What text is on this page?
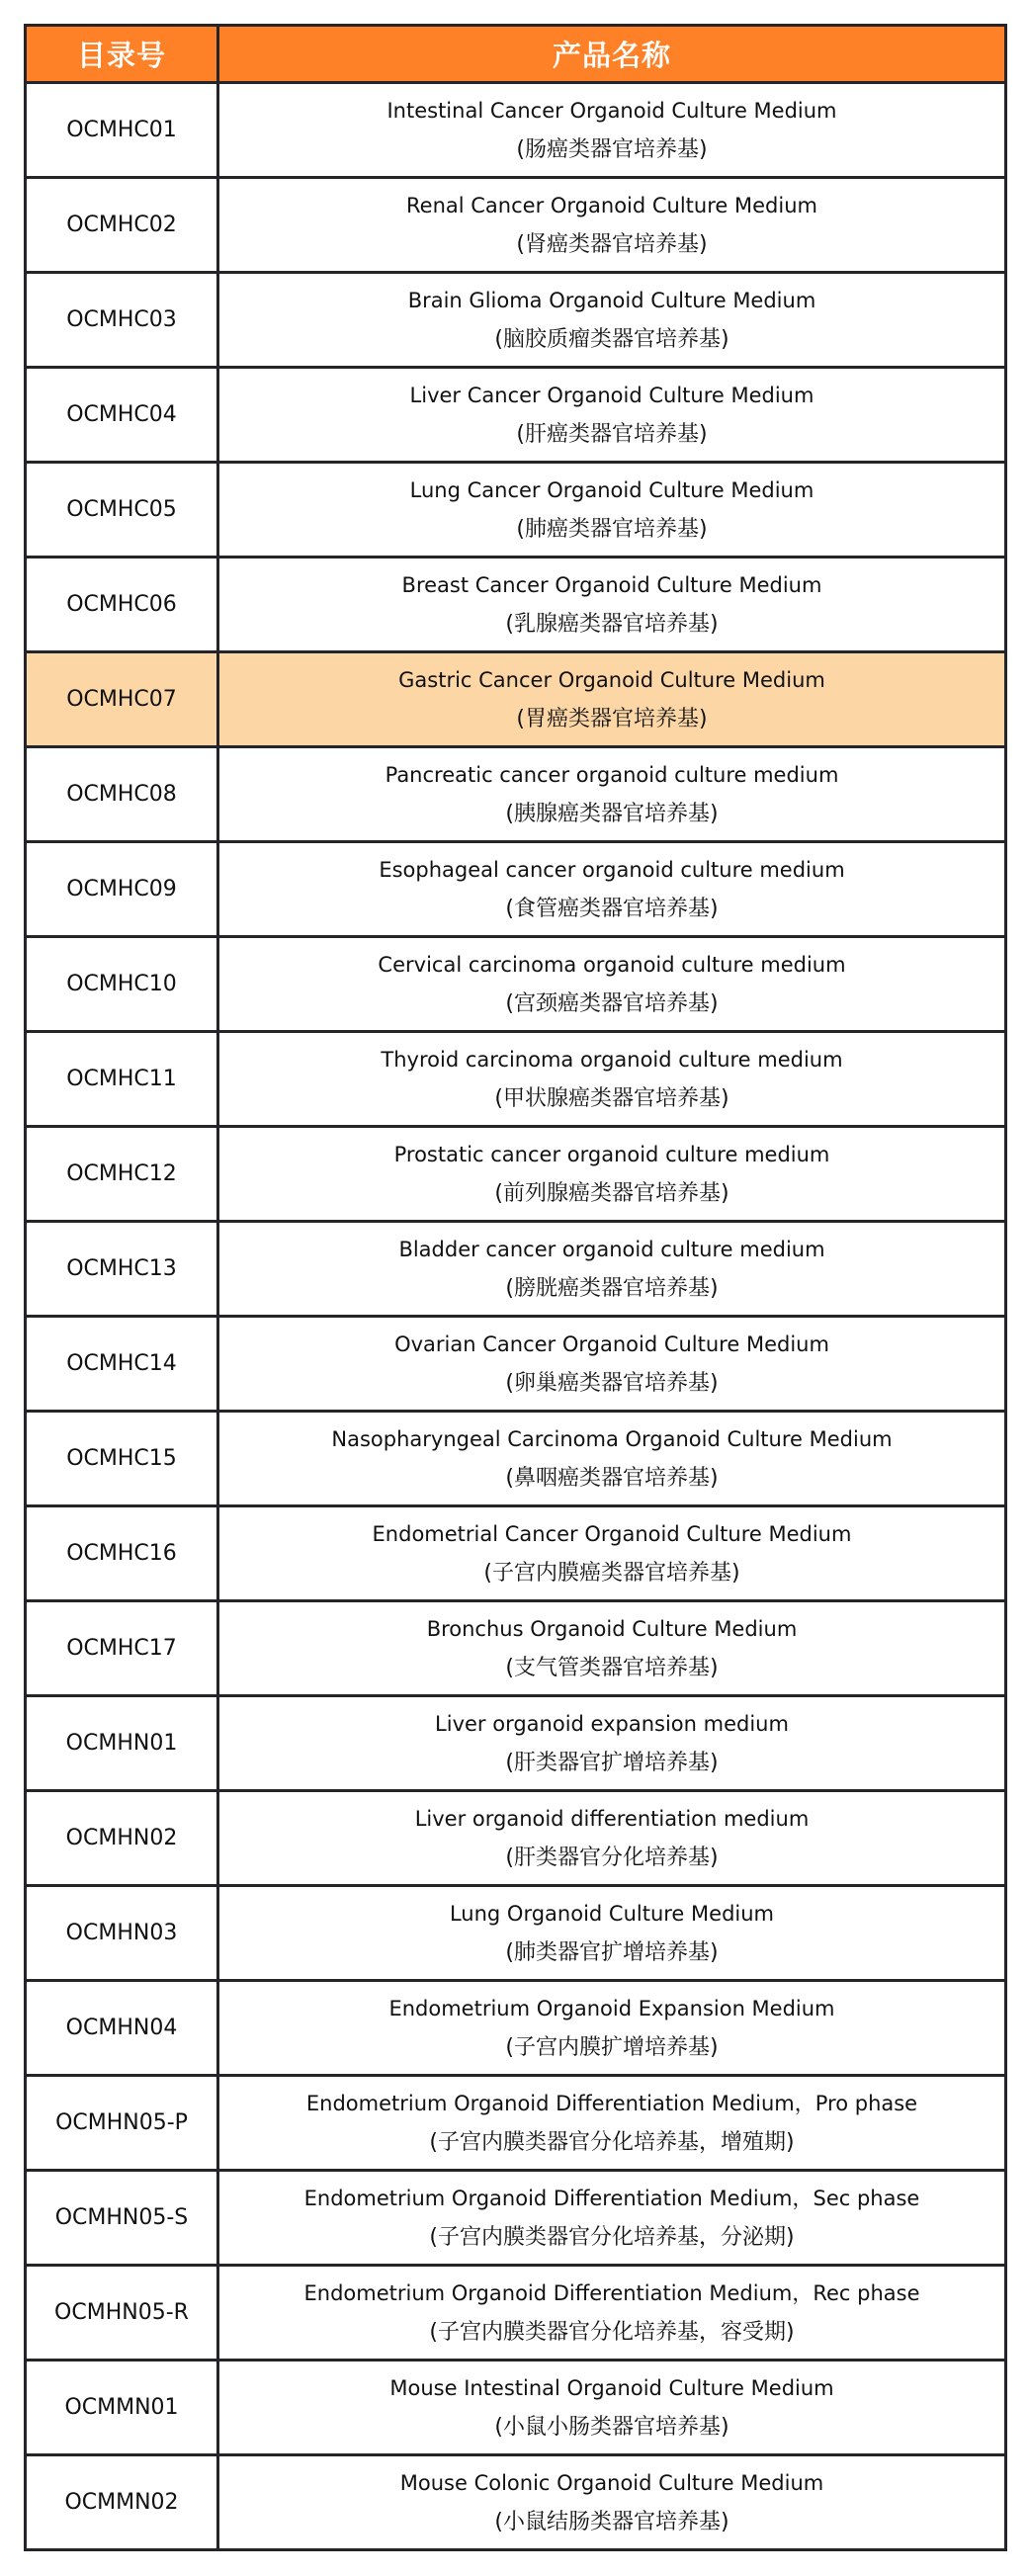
目录号	产品名称
OCMHC01	Intestinal Cancer Organoid Culture Medium
(肠癌类器官培养基)

OCMHC02	Renal Cancer Organoid Culture Medium
(肾癌类器官培养基)

OCMHC03	Brain Glioma Organoid Culture Medium
(脑胶质瘤类器官培养基)

OCMHC04	Liver Cancer Organoid Culture Medium
(肝癌类器官培养基)

OCMHC05	Lung Cancer Organoid Culture Medium
(肺癌类器官培养基)

OCMHC06	Breast Cancer Organoid Culture Medium
(乳腺癌类器官培养基)

OCMHC07	Gastric Cancer Organoid Culture Medium
(胃癌类器官培养基)

OCMHC08	Pancreatic cancer organoid culture medium
(胰腺癌类器官培养基)

OCMHC09	Esophageal cancer organoid culture medium
(食管癌类器官培养基)

OCMHC10	Cervical carcinoma organoid culture medium
(宫颈癌类器官培养基)

OCMHC11	Thyroid carcinoma organoid culture medium
(甲状腺癌类器官培养基)

OCMHC12	Prostatic cancer organoid culture medium
(前列腺癌类器官培养基)

OCMHC13	Bladder cancer organoid culture medium
(膀胱癌类器官培养基)

OCMHC14	Ovarian Cancer Organoid Culture Medium
(卵巢癌类器官培养基)

OCMHC15	Nasopharyngeal Carcinoma Organoid Culture Medium
(鼻咽癌类器官培养基)

OCMHC16	Endometrial Cancer Organoid Culture Medium
(子宫内膜癌类器官培养基)

OCMHC17	Bronchus Organoid Culture Medium
(支气管类器官培养基)

OCMHN01	Liver organoid expansion medium
(肝类器官扩增培养基)

OCMHN02	Liver organoid differentiation medium
(肝类器官分化培养基)

OCMHN03	Lung Organoid Culture Medium
(肺类器官扩增培养基)

OCMHN04	Endometrium Organoid Expansion Medium
(子宫内膜扩增培养基)

OCMHN05-P	Endometrium Organoid Differentiation Medium，Pro phase
(子宫内膜类器官分化培养基，增殖期)

OCMHN05-S	Endometrium Organoid Differentiation Medium，Sec phase
(子宫内膜类器官分化培养基，分泌期)

OCMHN05-R	Endometrium Organoid Differentiation Medium，Rec phase
(子宫内膜类器官分化培养基，容受期)

OCMMN01	Mouse Intestinal Organoid Culture Medium
(小鼠小肠类器官培养基)

OCMMN02	Mouse Colonic Organoid Culture Medium
(小鼠结肠类器官培养基)
